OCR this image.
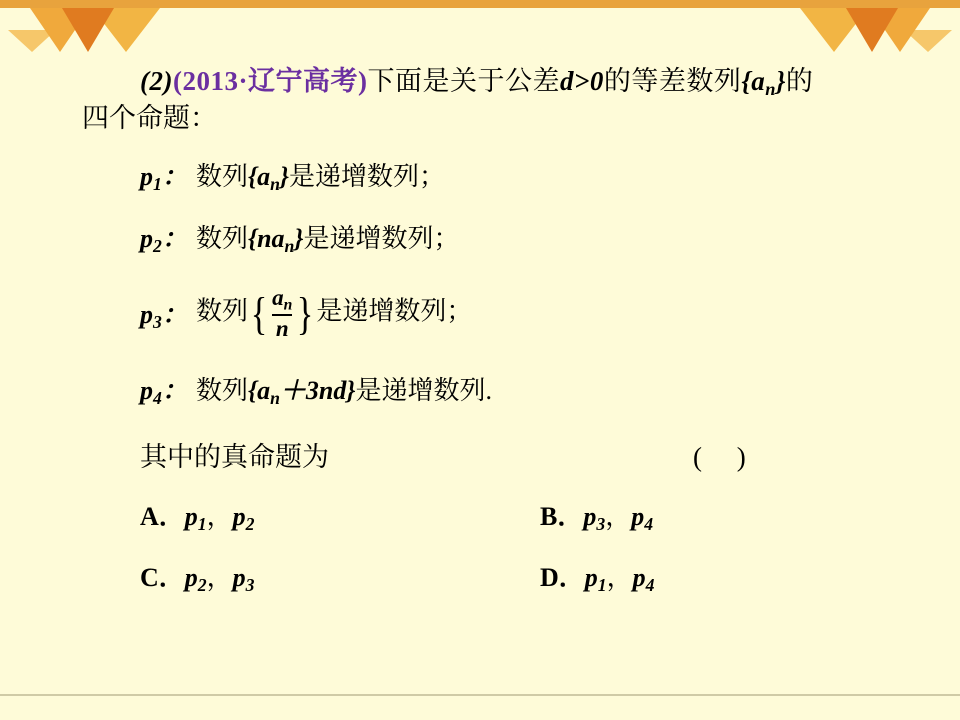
(2)(2013·辽宁高考)下面是关于公差d>0的等差数列$\{a_n\}$的
四个命题：
$p_1$： 数列$\{a_n\}$是递增数列；
$p_2$： 数列$\{na_n\}$是递增数列；
$p_3$： 数列{ $\frac{a_n}{n}$ } 是递增数列；
$p_4$： 数列$\{a_n+3nd\}$是递增数列.
其中的真命题为	( )
A．$p_1$，$p_2$	B．$p_3$，$p_4$
C．$p_2$，$p_3$	D．$p_1$，$p_4$
